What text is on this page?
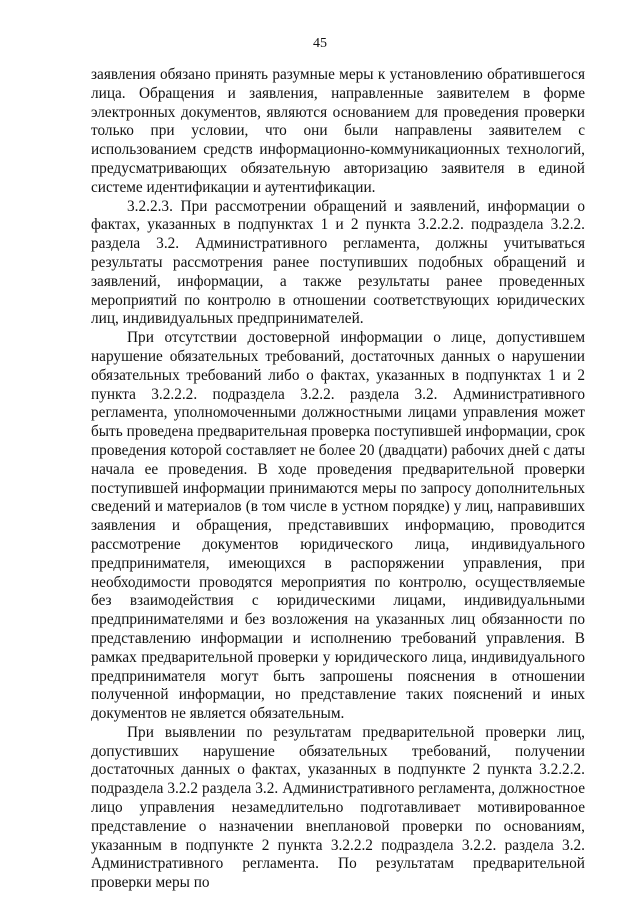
45

заявления обязано принять разумные меры к установлению обратившегося лица. Обращения и заявления, направленные заявителем в форме электронных документов, являются основанием для проведения проверки только при условии, что они были направлены заявителем с использованием средств информационно-коммуникационных технологий, предусматривающих обязательную авторизацию заявителя в единой системе идентификации и аутентификации.

3.2.2.3. При рассмотрении обращений и заявлений, информации о фактах, указанных в подпунктах 1 и 2 пункта 3.2.2.2. подраздела 3.2.2. раздела 3.2. Административного регламента, должны учитываться результаты рассмотрения ранее поступивших подобных обращений и заявлений, информации, а также результаты ранее проведенных мероприятий по контролю в отношении соответствующих юридических лиц, индивидуальных предпринимателей.

При отсутствии достоверной информации о лице, допустившем нарушение обязательных требований, достаточных данных о нарушении обязательных требований либо о фактах, указанных в подпунктах 1 и 2 пункта 3.2.2.2. подраздела 3.2.2. раздела 3.2. Административного регламента, уполномоченными должностными лицами управления может быть проведена предварительная проверка поступившей информации, срок проведения которой составляет не более 20 (двадцати) рабочих дней с даты начала ее проведения. В ходе проведения предварительной проверки поступившей информации принимаются меры по запросу дополнительных сведений и материалов (в том числе в устном порядке) у лиц, направивших заявления и обращения, представивших информацию, проводится рассмотрение документов юридического лица, индивидуального предпринимателя, имеющихся в распоряжении управления, при необходимости проводятся мероприятия по контролю, осуществляемые без взаимодействия с юридическими лицами, индивидуальными предпринимателями и без возложения на указанных лиц обязанности по представлению информации и исполнению требований управления. В рамках предварительной проверки у юридического лица, индивидуального предпринимателя могут быть запрошены пояснения в отношении полученной информации, но представление таких пояснений и иных документов не является обязательным.

При выявлении по результатам предварительной проверки лиц, допустивших нарушение обязательных требований, получении достаточных данных о фактах, указанных в подпункте 2 пункта 3.2.2.2. подраздела 3.2.2 раздела 3.2. Административного регламента, должностное лицо управления незамедлительно подготавливает мотивированное представление о назначении внеплановой проверки по основаниям, указанным в подпункте 2 пункта 3.2.2.2 подраздела 3.2.2. раздела 3.2. Административного регламента. По результатам предварительной проверки меры по
